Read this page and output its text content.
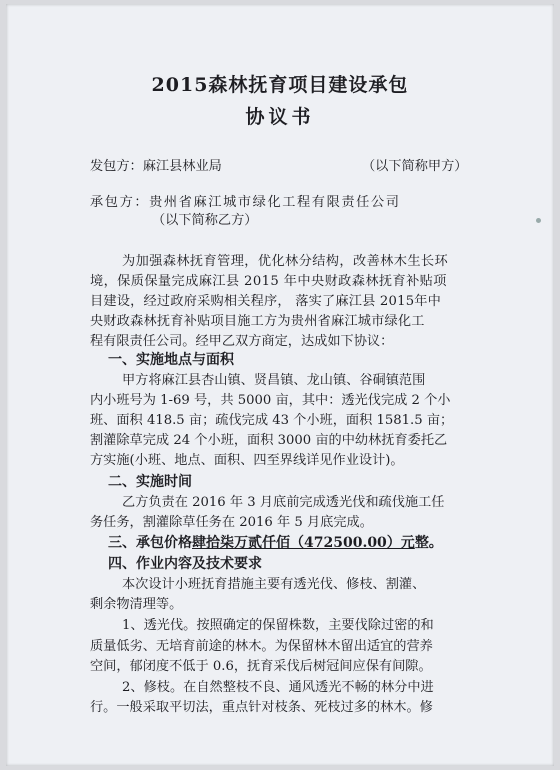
2015森林抚育项目建设承包
协议书
发包方：麻江县林业局	（以下简称甲方）
承包方：贵州省麻江城市绿化工程有限责任公司
（以下简称乙方）
为加强森林抚育管理，优化林分结构，改善林木生长环
境，保质保量完成麻江县 2015 年中央财政森林抚育补贴项
目建设，经过政府采购相关程序， 落实了麻江县 2015年中
央财政森林抚育补贴项目施工方为贵州省麻江城市绿化工
程有限责任公司。经甲乙双方商定，达成如下协议：
一、实施地点与面积
甲方将麻江县杏山镇、贤昌镇、龙山镇、谷硐镇范围
内小班号为 1-69 号，共 5000 亩，其中：透光伐完成 2 个小
班、面积 418.5 亩；疏伐完成 43 个小班，面积 1581.5 亩；
割灌除草完成 24 个小班，面积 3000 亩的中幼林抚育委托乙
方实施(小班、地点、面积、四至界线详见作业设计)。
二、实施时间
乙方负责在 2016 年 3 月底前完成透光伐和疏伐施工任
务任务，割灌除草任务在 2016 年 5 月底完成。
三、承包价格肆拾柒万贰仟佰（472500.00）元整。
四、作业内容及技术要求
本次设计小班抚育措施主要有透光伐、修枝、割灌、
剩余物清理等。
1、透光伐。按照确定的保留株数，主要伐除过密的和
质量低劣、无培育前途的林木。为保留林木留出适宜的营养
空间，郁闭度不低于 0.6，抚育采伐后树冠间应保有间隙。
2、修枝。在自然整枝不良、通风透光不畅的林分中进
行。一般采取平切法，重点针对枝条、死枝过多的林木。修
